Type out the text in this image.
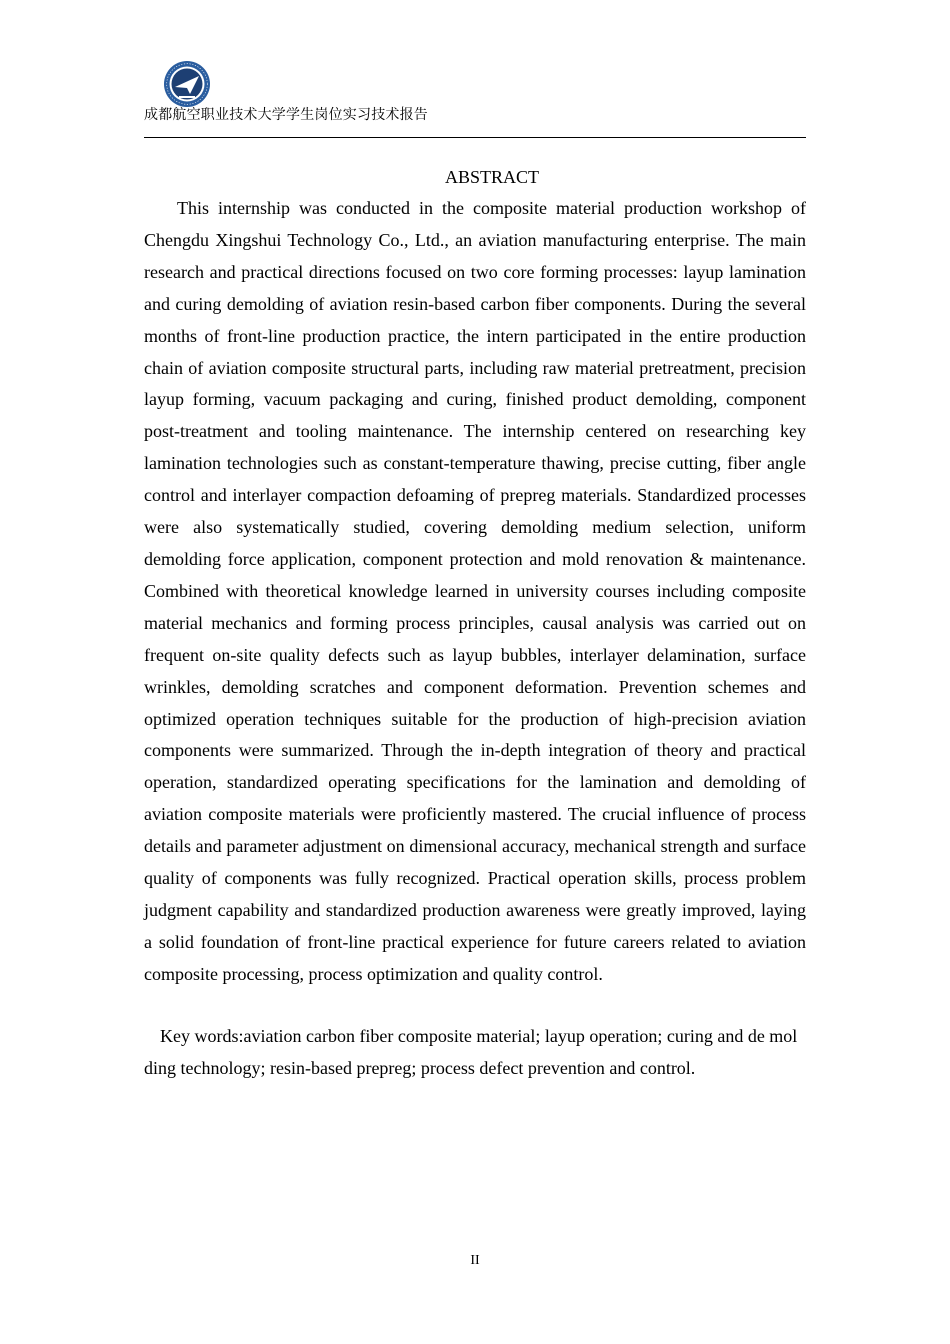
成都航空职业技术大学学生岗位实习技术报告
ABSTRACT

This internship was conducted in the composite material production workshop of Chengdu Xingshui Technology Co., Ltd., an aviation manufacturing enterprise. The main research and practical directions focused on two core forming processes: layup lamination and curing demolding of aviation resin-based carbon fiber components. During the several months of front-line production practice, the intern participated in the entire production chain of aviation composite structural parts, including raw material pretreatment, precision layup forming, vacuum packaging and curing, finished product demolding, component post-treatment and tooling maintenance. The internship centered on researching key lamination technologies such as constant-temperature thawing, precise cutting, fiber angle control and interlayer compaction defoaming of prepreg materials. Standardized processes were also systematically studied, covering demolding medium selection, uniform demolding force application, component protection and mold renovation & maintenance. Combined with theoretical knowledge learned in university courses including composite material mechanics and forming process principles, causal analysis was carried out on frequent on-site quality defects such as layup bubbles, interlayer delamination, surface wrinkles, demolding scratches and component deformation. Prevention schemes and optimized operation techniques suitable for the production of high-precision aviation components were summarized. Through the in-depth integration of theory and practical operation, standardized operating specifications for the lamination and demolding of aviation composite materials were proficiently mastered. The crucial influence of process details and parameter adjustment on dimensional accuracy, mechanical strength and surface quality of components was fully recognized. Practical operation skills, process problem judgment capability and standardized production awareness were greatly improved, laying a solid foundation of front-line practical experience for future careers related to aviation composite processing, process optimization and quality control.

Key words:aviation carbon fiber composite material; layup operation; curing and de molding technology; resin-based prepreg; process defect prevention and control.

II
